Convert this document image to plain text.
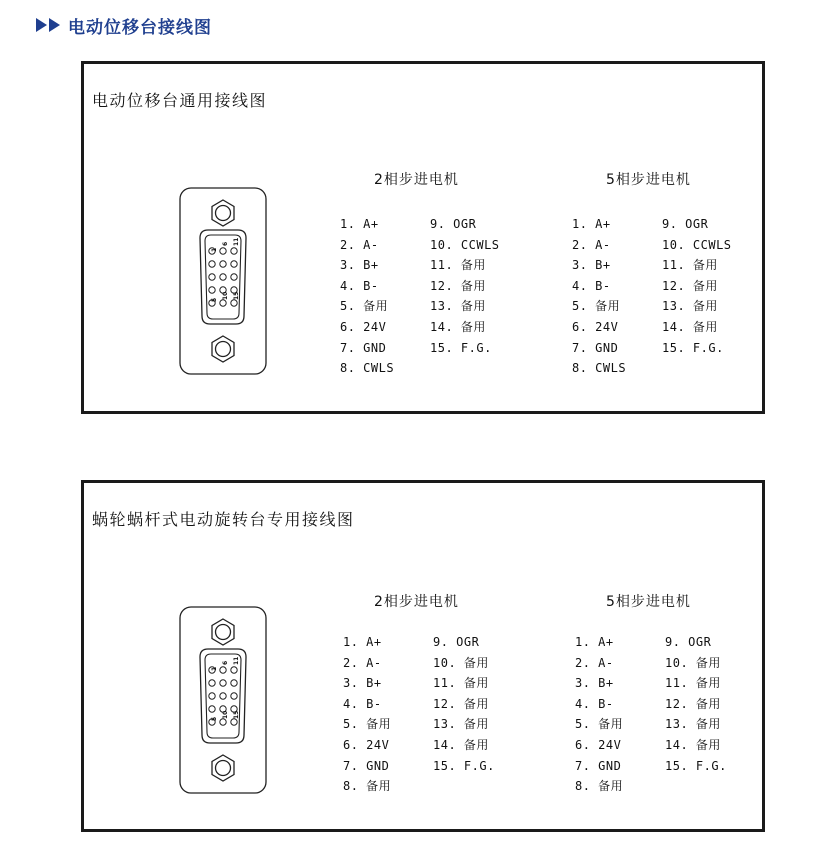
电动位移台接线图
电动位移台通用接线图
1
6 11
5 10 15
2相步进电机
1. A+
2. A-
3. B+
4. B-
5. 备用
6. 24V
7. GND
8. CWLS
9. OGR
10. CCWLS
11. 备用
12. 备用
13. 备用
14. 备用
15. F.G.
5相步进电机
1. A+
2. A-
3. B+
4. B-
5. 备用
6. 24V
7. GND
8. CWLS
9. OGR
10. CCWLS
11. 备用
12. 备用
13. 备用
14. 备用
15. F.G.
蜗轮蜗杆式电动旋转台专用接线图
1
6 11
5 10 15
2相步进电机
1. A+
2. A-
3. B+
4. B-
5. 备用
6. 24V
7. GND
8. 备用
9. OGR
10. 备用
11. 备用
12. 备用
13. 备用
14. 备用
15. F.G.
5相步进电机
1. A+
2. A-
3. B+
4. B-
5. 备用
6. 24V
7. GND
8. 备用
9. OGR
10. 备用
11. 备用
12. 备用
13. 备用
14. 备用
15. F.G.
